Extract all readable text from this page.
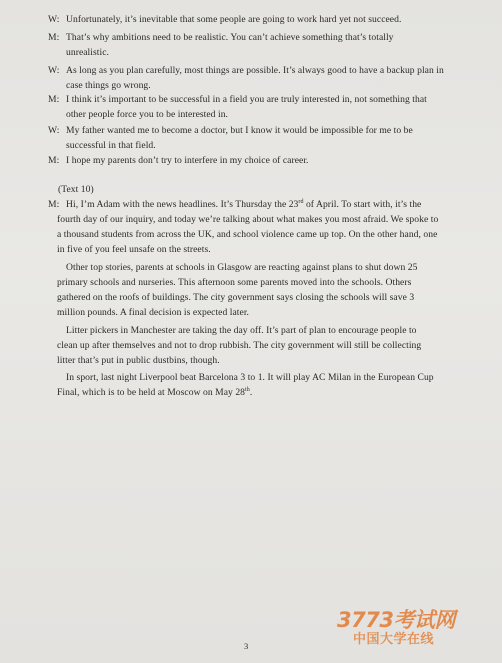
W: Unfortunately, it’s inevitable that some people are going to work hard yet not succeed.
M: That’s why ambitions need to be realistic. You can’t achieve something that’s totally
unrealistic.
W: As long as you plan carefully, most things are possible. It’s always good to have a backup plan in
case things go wrong.
M: I think it’s important to be successful in a field you are truly interested in, not something that
other people force you to be interested in.
W: My father wanted me to become a doctor, but I know it would be impossible for me to be
successful in that field.
M: I hope my parents don’t try to interfere in my choice of career.
(Text 10)
M: Hi, I’m Adam with the news headlines. It’s Thursday the 23rd of April. To start with, it’s the
fourth day of our inquiry, and today we’re talking about what makes you most afraid. We spoke to
a thousand students from across the UK, and school violence came up top. On the other hand, one
in five of you feel unsafe on the streets.
Other top stories, parents at schools in Glasgow are reacting against plans to shut down 25
primary schools and nurseries. This afternoon some parents moved into the schools. Others
gathered on the roofs of buildings. The city government says closing the schools will save 3
million pounds. A final decision is expected later.
Litter pickers in Manchester are taking the day off. It’s part of plan to encourage people to
clean up after themselves and not to drop rubbish. The city government will still be collecting
litter that’s put in public dustbins, though.
In sport, last night Liverpool beat Barcelona 3 to 1. It will play AC Milan in the European Cup
Final, which is to be held at Moscow on May 28th.
3
3773考试网
中国大学在线
